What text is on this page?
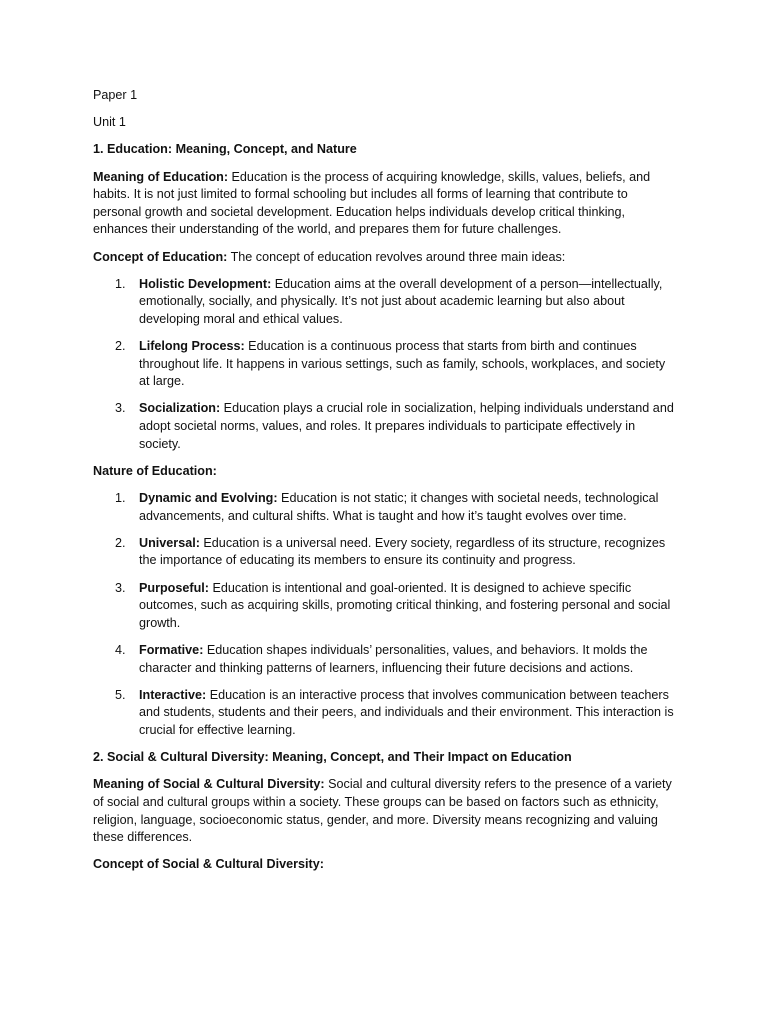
Paper 1

Unit 1

1. Education: Meaning, Concept, and Nature

Meaning of Education: Education is the process of acquiring knowledge, skills, values, beliefs, and habits. It is not just limited to formal schooling but includes all forms of learning that contribute to personal growth and societal development. Education helps individuals develop critical thinking, enhances their understanding of the world, and prepares them for future challenges.

Concept of Education: The concept of education revolves around three main ideas:

1. Holistic Development: Education aims at the overall development of a person—intellectually, emotionally, socially, and physically. It’s not just about academic learning but also about developing moral and ethical values.
2. Lifelong Process: Education is a continuous process that starts from birth and continues throughout life. It happens in various settings, such as family, schools, workplaces, and society at large.
3. Socialization: Education plays a crucial role in socialization, helping individuals understand and adopt societal norms, values, and roles. It prepares individuals to participate effectively in society.

Nature of Education:

1. Dynamic and Evolving: Education is not static; it changes with societal needs, technological advancements, and cultural shifts. What is taught and how it’s taught evolves over time.
2. Universal: Education is a universal need. Every society, regardless of its structure, recognizes the importance of educating its members to ensure its continuity and progress.
3. Purposeful: Education is intentional and goal-oriented. It is designed to achieve specific outcomes, such as acquiring skills, promoting critical thinking, and fostering personal and social growth.
4. Formative: Education shapes individuals’ personalities, values, and behaviors. It molds the character and thinking patterns of learners, influencing their future decisions and actions.
5. Interactive: Education is an interactive process that involves communication between teachers and students, students and their peers, and individuals and their environment. This interaction is crucial for effective learning.

2. Social & Cultural Diversity: Meaning, Concept, and Their Impact on Education

Meaning of Social & Cultural Diversity: Social and cultural diversity refers to the presence of a variety of social and cultural groups within a society. These groups can be based on factors such as ethnicity, religion, language, socioeconomic status, gender, and more. Diversity means recognizing and valuing these differences.

Concept of Social & Cultural Diversity:
